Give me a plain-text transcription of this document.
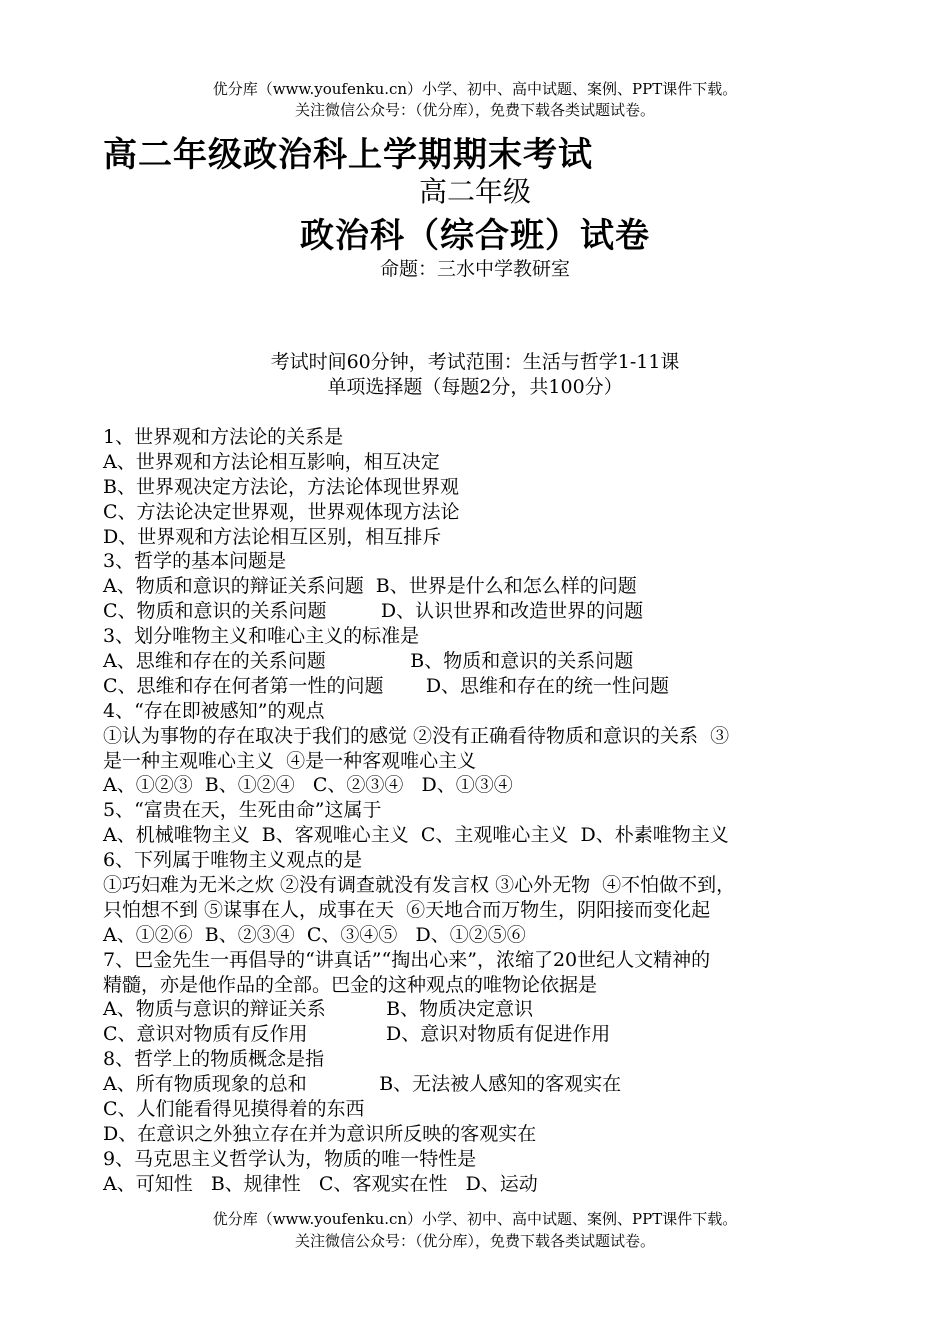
优分库（www.youfenku.cn）小学、初中、高中试题、案例、PPT课件下载。
关注微信公众号：（优分库），免费下载各类试题试卷。
高二年级政治科上学期期末考试
高二年级
政治科（综合班）试卷
命题：三水中学教研室
考试时间60分钟，考试范围：生活与哲学1-11课
单项选择题（每题2分，共100分）
1、世界观和方法论的关系是
A、世界观和方法论相互影响，相互决定
B、世界观决定方法论，方法论体现世界观
C、方法论决定世界观，世界观体现方法论
D、世界观和方法论相互区别，相互排斥
3、哲学的基本问题是
A、物质和意识的辩证关系问题  B、世界是什么和怎么样的问题
C、物质和意识的关系问题         D、认识世界和改造世界的问题
3、划分唯物主义和唯心主义的标准是
A、思维和存在的关系问题              B、物质和意识的关系问题
C、思维和存在何者第一性的问题       D、思维和存在的统一性问题
4、“存在即被感知”的观点
①认为事物的存在取决于我们的感觉 ②没有正确看待物质和意识的关系  ③
是一种主观唯心主义  ④是一种客观唯心主义
A、①②③  B、①②④   C、②③④   D、①③④
5、“富贵在天，生死由命”这属于
A、机械唯物主义  B、客观唯心主义  C、主观唯心主义  D、朴素唯物主义
6、下列属于唯物主义观点的是
①巧妇难为无米之炊 ②没有调查就没有发言权 ③心外无物  ④不怕做不到，
只怕想不到 ⑤谋事在人，成事在天  ⑥天地合而万物生，阴阳接而变化起
A、①②⑥  B、②③④  C、③④⑤   D、①②⑤⑥
7、巴金先生一再倡导的“讲真话”“掏出心来”，浓缩了20世纪人文精神的
精髓，亦是他作品的全部。巴金的这种观点的唯物论依据是
A、物质与意识的辩证关系          B、物质决定意识
C、意识对物质有反作用             D、意识对物质有促进作用
8、哲学上的物质概念是指
A、所有物质现象的总和            B、无法被人感知的客观实在
C、人们能看得见摸得着的东西
D、在意识之外独立存在并为意识所反映的客观实在
9、马克思主义哲学认为，物质的唯一特性是
A、可知性   B、规律性   C、客观实在性   D、运动
优分库（www.youfenku.cn）小学、初中、高中试题、案例、PPT课件下载。
关注微信公众号：（优分库），免费下载各类试题试卷。
